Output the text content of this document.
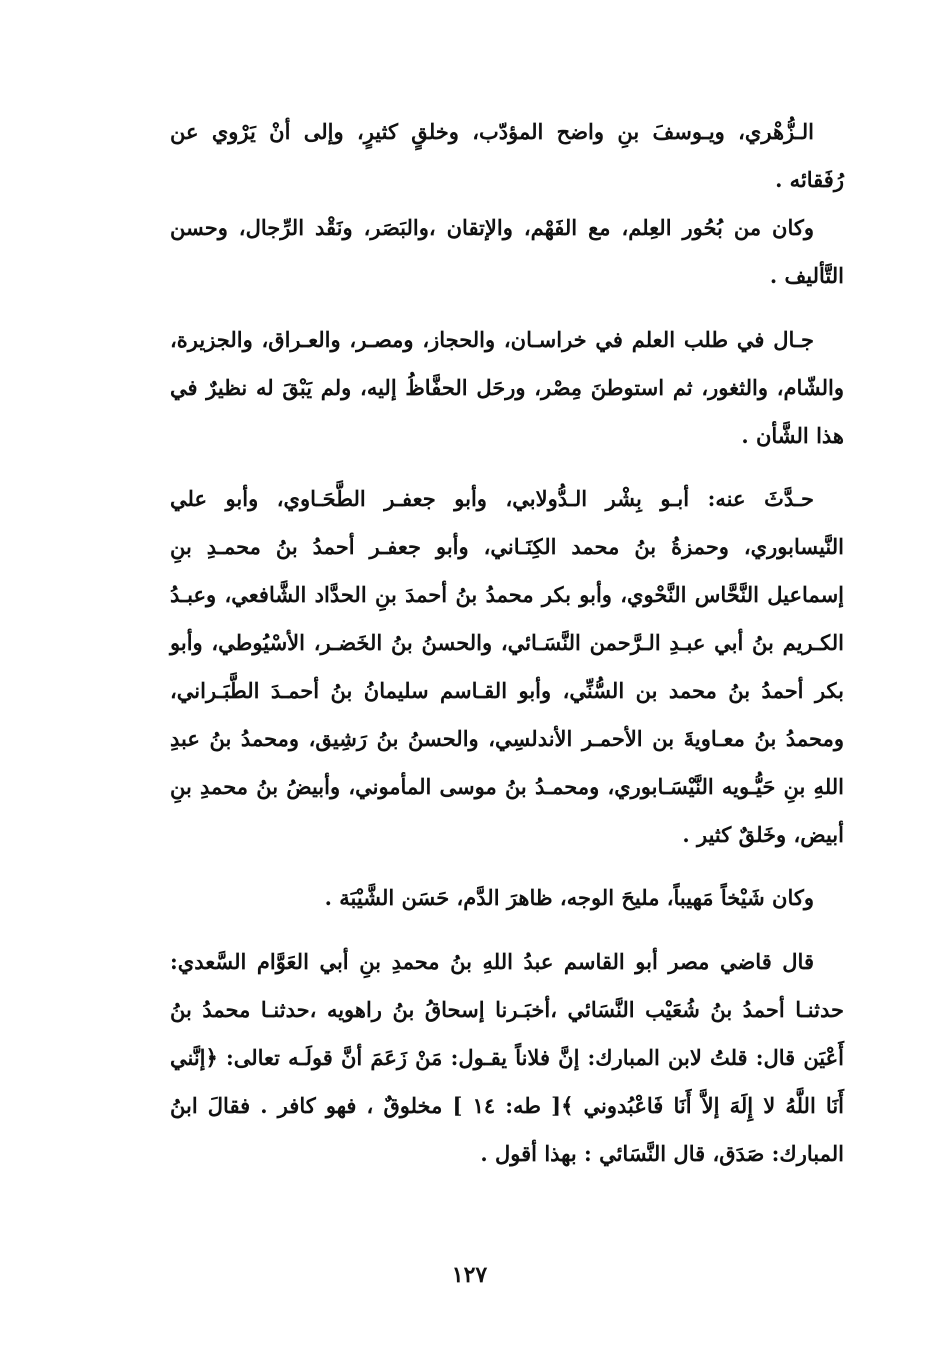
الـزُّهْري، ويـوسفَ بنِ واضح المؤدّب، وخلقٍ كثيرٍ، وإلى أنْ يَرْوي عن رُفَقائه .

وكان من بُحُور العِلم، مع الفَهْم، والإتقان ،والبَصَر، ونَقْد الرِّجال، وحسن التَّأليف .

جـال في طلب العلم في خراسـان، والحجاز، ومصـر، والعـراق، والجزيرة، والشّام، والثغور، ثم استوطنَ مِصْر، ورحَل الحفَّاظُ إليه، ولم يَبْقَ له نظيرٌ في هذا الشَّأن .

حـدَّثَ عنه: أبـو بِشْر الـدُّولابي، وأبو جعفـر الطَّحَـاوي، وأبو علي النَّيسابوري، وحمزةُ بنُ محمد الكِنَـاني، وأبو جعفـر أحمدُ بنُ محمـدِ بنِ إسماعيل النَّحَّاس النَّحْوي، وأبو بكر محمدُ بنُ أحمدَ بنِ الحدَّاد الشَّافعي، وعبـدُ الكـريم بنُ أبي عبـدِ الـرَّحمن النَّسَـائي، والحسنُ بنُ الخَضـر، الأسْيُوطي، وأبو بكر أحمدُ بنُ محمد بن السُّنِّي، وأبو القـاسم سليمانُ بنُ أحمـدَ الطَّبَـراني، ومحمدُ بنُ معـاويةَ بن الأحمـر الأندلسِي، والحسنُ بنُ رَشِيق، ومحمدُ بنُ عبدِ اللهِ بنِ حَيُّـويه النَّيْسَـابوري، ومحمـدُ بنُ موسى المأموني، وأبيضُ بنُ محمدِ بنِ أبيض، وخَلقٌ كثير .

وكان شَيْخاً مَهيباً، مليحَ الوجه، ظاهرَ الدَّم، حَسَن الشَّيْبَة .

قال قاضي مصر أبو القاسم عبدُ اللهِ بنُ محمدِ بنِ أبي العَوَّام السَّعدي: حدثنـا أحمدُ بنُ شُعَيْب النَّسَائي ،أخبَـرنا إسحاقُ بنُ راهويه ،حدثنـا محمدُ بنُ أَعْيَن قال: قلتُ لابن المبارك: إنَّ فلاناً يقـول: مَنْ زَعَمَ أنَّ قولَـه تعالى: ﴿إنَّني أَنَا اللَّهُ لا إِلَهَ إلاَّ أَنَا فَاعْبُدوني ﴾[ طه: ١٤ ] مخلوقٌ ، فهو كافر . فقالَ ابنُ المبارك: صَدَق، قال النَّسَائي : بهذا أقول .

١٢٧
